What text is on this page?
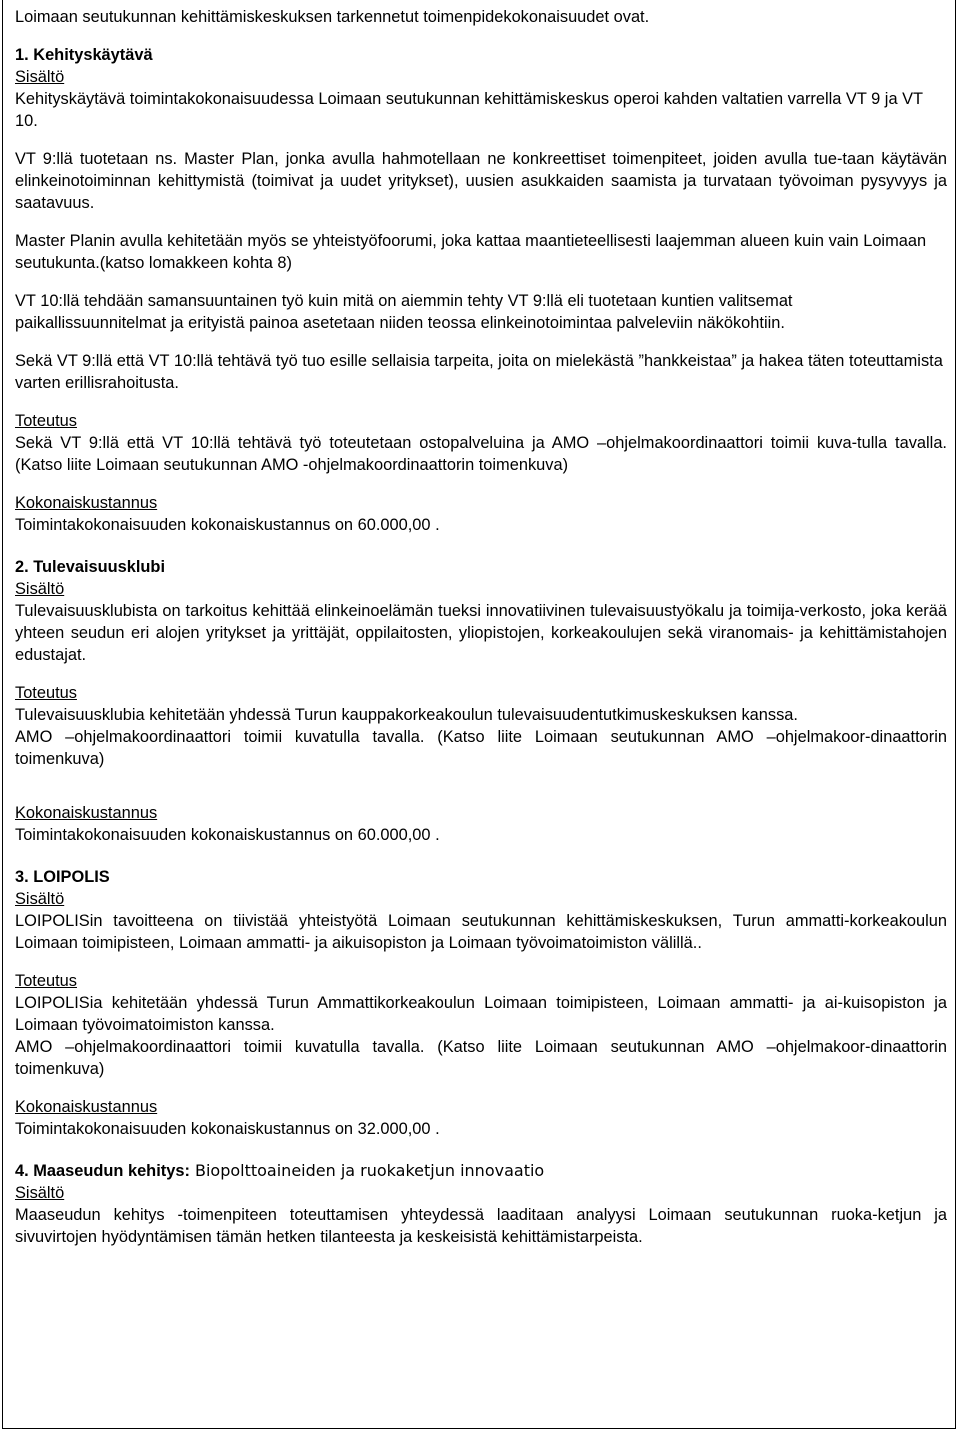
Loimaan seutukunnan kehittämiskeskuksen tarkennetut toimenpidekokonaisuudet ovat.

1. Kehityskäytävä

Sisältö

Kehityskäytävä toimintakokonaisuudessa Loimaan seutukunnan kehittämiskeskus operoi kahden valtatien varrella VT 9 ja VT 10.

VT 9:llä tuotetaan ns. Master Plan, jonka avulla hahmotellaan ne konkreettiset toimenpiteet, joiden avulla tue-taan käytävän elinkeinotoiminnan kehittymistä (toimivat ja uudet yritykset), uusien asukkaiden saamista ja turvataan työvoiman pysyvyys ja saatavuus.

Master Planin avulla kehitetään myös se yhteistyöfoorumi, joka kattaa maantieteellisesti laajemman alueen kuin vain Loimaan seutukunta.(katso lomakkeen kohta 8)

VT 10:llä tehdään samansuuntainen työ kuin mitä on aiemmin tehty VT 9:llä eli tuotetaan kuntien valitsemat paikallissuunnitelmat ja erityistä painoa asetetaan niiden teossa elinkeinotoimintaa palveleviin näkökohtiin.

Sekä VT 9:llä että VT 10:llä tehtävä työ tuo esille sellaisia tarpeita, joita on mielekästä ”hankkeistaa” ja hakea täten toteuttamista varten erillisrahoitusta.

Toteutus

Sekä VT 9:llä että VT 10:llä tehtävä työ toteutetaan ostopalveluina ja AMO –ohjelmakoordinaattori toimii kuva-tulla tavalla. (Katso liite Loimaan seutukunnan AMO -ohjelmakoordinaattorin toimenkuva)

Kokonaiskustannus

Toimintakokonaisuuden kokonaiskustannus on 60.000,00 .

2. Tulevaisuusklubi

Sisältö

Tulevaisuusklubista on tarkoitus kehittää elinkeinoelämän tueksi innovatiivinen tulevaisuustyökalu ja toimija-verkosto, joka kerää yhteen seudun eri alojen yritykset ja yrittäjät, oppilaitosten, yliopistojen, korkeakoulujen sekä viranomais- ja kehittämistahojen edustajat.

Toteutus

Tulevaisuusklubia kehitetään yhdessä Turun kauppakorkeakoulun tulevaisuudentutkimuskeskuksen kanssa.

AMO –ohjelmakoordinaattori toimii kuvatulla tavalla. (Katso liite Loimaan seutukunnan AMO –ohjelmakoor-dinaattorin toimenkuva)

Kokonaiskustannus

Toimintakokonaisuuden kokonaiskustannus on 60.000,00 .

3. LOIPOLIS

Sisältö

LOIPOLISin tavoitteena on tiivistää yhteistyötä Loimaan seutukunnan kehittämiskeskuksen, Turun ammatti-korkeakoulun Loimaan toimipisteen, Loimaan ammatti- ja aikuisopiston ja Loimaan työvoimatoimiston välillä..

Toteutus

LOIPOLISia kehitetään yhdessä Turun Ammattikorkeakoulun Loimaan toimipisteen, Loimaan ammatti- ja ai-kuisopiston ja Loimaan työvoimatoimiston kanssa.

AMO –ohjelmakoordinaattori toimii kuvatulla tavalla. (Katso liite Loimaan seutukunnan AMO –ohjelmakoor-dinaattorin toimenkuva)

Kokonaiskustannus

Toimintakokonaisuuden kokonaiskustannus on 32.000,00 .

4. Maaseudun kehitys: Biopolttoaineiden ja ruokaketjun innovaatio

Sisältö

Maaseudun kehitys -toimenpiteen toteuttamisen yhteydessä laaditaan analyysi Loimaan seutukunnan ruoka-ketjun ja sivuvirtojen hyödyntämisen tämän hetken tilanteesta ja keskeisistä kehittämistarpeista.
